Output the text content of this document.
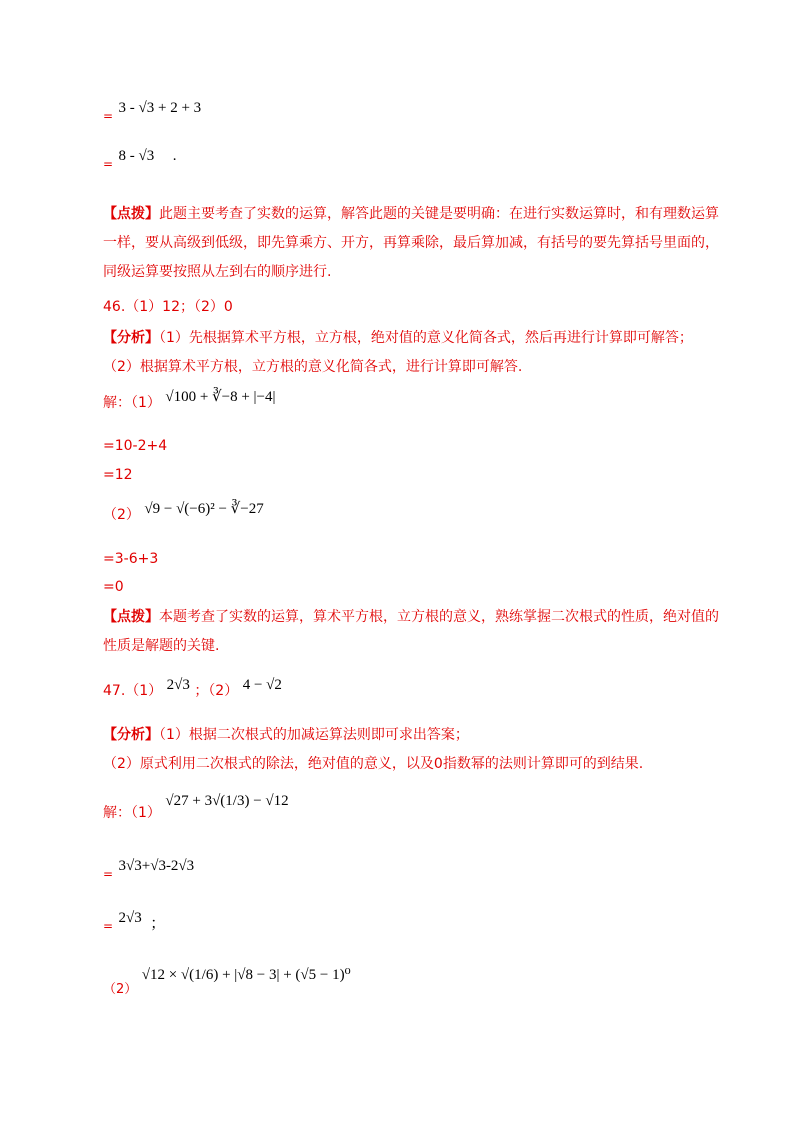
= 3 - √3 + 2 + 3
= 8 - √3 .
【点拨】此题主要考查了实数的运算，解答此题的关键是要明确：在进行实数运算时，和有理数运算一样，要从高级到低级，即先算乘方、开方，再算乘除，最后算加减，有括号的要先算括号里面的，同级运算要按照从左到右的顺序进行.
46.（1）12；（2）0
【分析】（1）先根据算术平方根，立方根，绝对值的意义化简各式，然后再进行计算即可解答；
（2）根据算术平方根，立方根的意义化简各式，进行计算即可解答.
解：（1） √100 + ∛−8 + |−4|
=10-2+4
=12
（2） √9 − √(−6)² − ∛−27
=3-6+3
=0
【点拨】本题考查了实数的运算，算术平方根，立方根的意义，熟练掌握二次根式的性质，绝对值的性质是解题的关键.
47.（1） 2√3 ；（2） 4 − √2
【分析】（1）根据二次根式的加减运算法则即可求出答案；
（2）原式利用二次根式的除法，绝对值的意义，以及0指数幂的法则计算即可的到结果.
解：（1） √27 + 3√(1/3) − √12
= 3√3+√3-2√3
= 2√3 ；
（2） √12 × √(1/6) + |√8 − 3| + (√5 − 1)⁰
